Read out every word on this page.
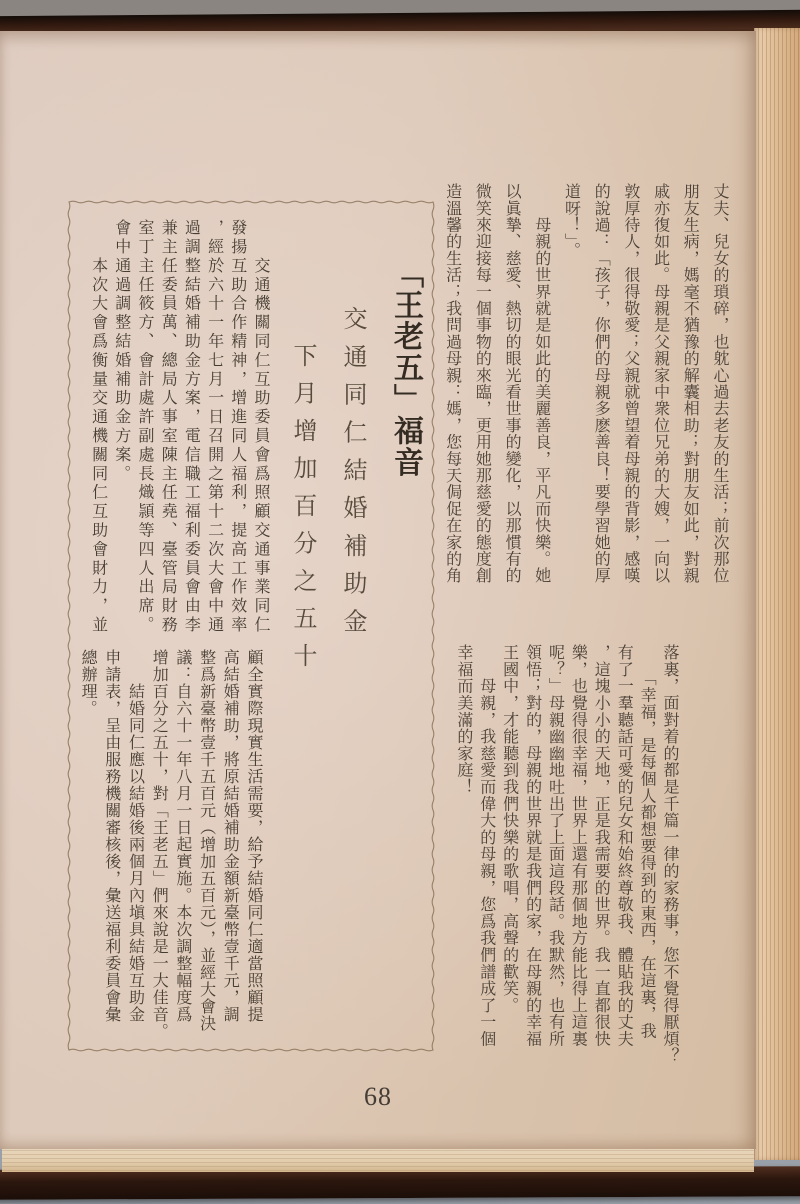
丈夫、兒女的瑣碎，也躭心過去老友的生活；前次那位
朋友生病，媽毫不猶豫的解囊相助；對朋友如此，對親
戚亦復如此。母親是父親家中衆位兄弟的大嫂，一向以
敦厚待人，很得敬愛；父親就曾望着母親的背影，感嘆
的說過：「孩子，你們的母親多麽善良！要學習她的厚
道呀！」。
　　母親的世界就是如此的美麗善良，平凡而快樂。她
以眞摯、慈愛、熱切的眼光看世事的變化，以那慣有的
微笑來迎接每一個事物的來臨，更用她那慈愛的態度創
造溫馨的生活；我問過母親：媽，您每天侷促在家的角
落裏，面對着的都是千篇一律的家務事，您不覺得厭煩？
　　「幸福，是每個人都想要得到的東西，在這裏，我
有了一羣聽話可愛的兒女和始終尊敬我、體貼我的丈夫
，這塊小小的天地，正是我需要的世界。我一直都很快
樂，也覺得很幸福，世界上還有那個地方能比得上這裏
呢？」母親幽幽地吐出了上面這段話。我默然，也有所
領悟；對的，母親的世界就是我們的家，在母親的幸福
王國中，才能聽到我們快樂的歌唱，高聲的歡笑。
　　母親，我慈愛而偉大的母親，您爲我們譜成了一個
幸福而美滿的家庭！
「王老五」福音
交通同仁結婚補助金
下月增加百分之五十
　　交通機關同仁互助委員會爲照顧交通事業同仁
發揚互助合作精神，增進同人福利，提高工作效率
，經於六十一年七月一日召開之第十二次大會中通
過調整結婚補助金方案，電信職工福利委員會由李
兼主任委員萬、總局人事室陳主任堯、臺管局財務
室丁主任筱方、會計處許副處長熾頴等四人出席。
會中通過調整結婚補助金方案。
　　本次大會爲衡量交通機關同仁互助會財力，並
顧全實際現實生活需要，給予結婚同仁適當照顧提
高結婚補助，將原結婚補助金額新臺幣壹千元，調
整爲新臺幣壹千五百元（增加五百元），並經大會決
議：自六十一年八月一日起實施。本次調整幅度爲
增加百分之五十，對「王老五」們來說是一大佳音。
　　結婚同仁應以結婚後兩個月內塡具結婚互助金
申請表，呈由服務機關審核後，彙送福利委員會彙
總辦理。
68
